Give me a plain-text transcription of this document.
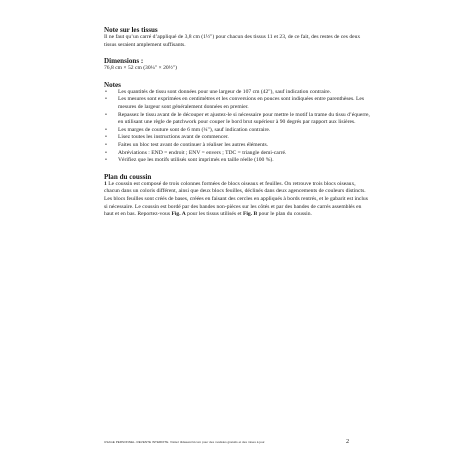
Note sur les tissus

Il ne faut qu’un carré d’appliqué de 3,8 cm (1½") pour chacun des tissus 11 et 23, de ce fait, des restes de ces deux tissus seraient amplement suffisants.

Dimensions :

76,8 cm × 52 cm (30¼" × 20½")

Notes
• Les quantités de tissu sont données pour une largeur de 107 cm (42"), sauf indication contraire.
• Les mesures sont exprimées en centimètres et les conversions en pouces sont indiquées entre parenthèses. Les mesures de largeur sont généralement données en premier.
• Repassez le tissu avant de le découper et ajustez-le si nécessaire pour mettre le motif la trame du tissu d’équerre, en utilisant une règle de patchwork pour couper le bord brut supérieur à 90 degrés par rapport aux lisières.
• Les marges de couture sont de 6 mm (¼"), sauf indication contraire.
• Lisez toutes les instructions avant de commencer.
• Faites un bloc test avant de continuer à réaliser les autres éléments.
• Abréviations : END = endroit ; ENV = envers ; TDC = triangle demi-carré.
• Vérifiez que les motifs utilisés sont imprimés en taille réelle (100 %).
Plan du coussin

1 Le coussin est composé de trois colonnes formées de blocs oiseaux et feuilles. On retrouve trois blocs oiseaux, chacun dans un coloris différent, ainsi que deux blocs feuilles, déclinés dans deux agencements de couleurs distincts. Les blocs feuilles sont créés de bases, créées en faisant des cercles en appliqués à bords rentrés, et le gabarit est inclus si nécessaire. Le coussin est bordé par des bandes non-pièces sur les côtés et par des bandes de carrés assemblés en haut et en bas. Reportez-vous Fig. A pour les tissus utilisés et Fig. B pour le plan du coussin.

USAGE PERSONNEL. REVENTE INTERDITE. Visitez tildasworld.com pour des modèles gratuits et des mises à jour.	2
